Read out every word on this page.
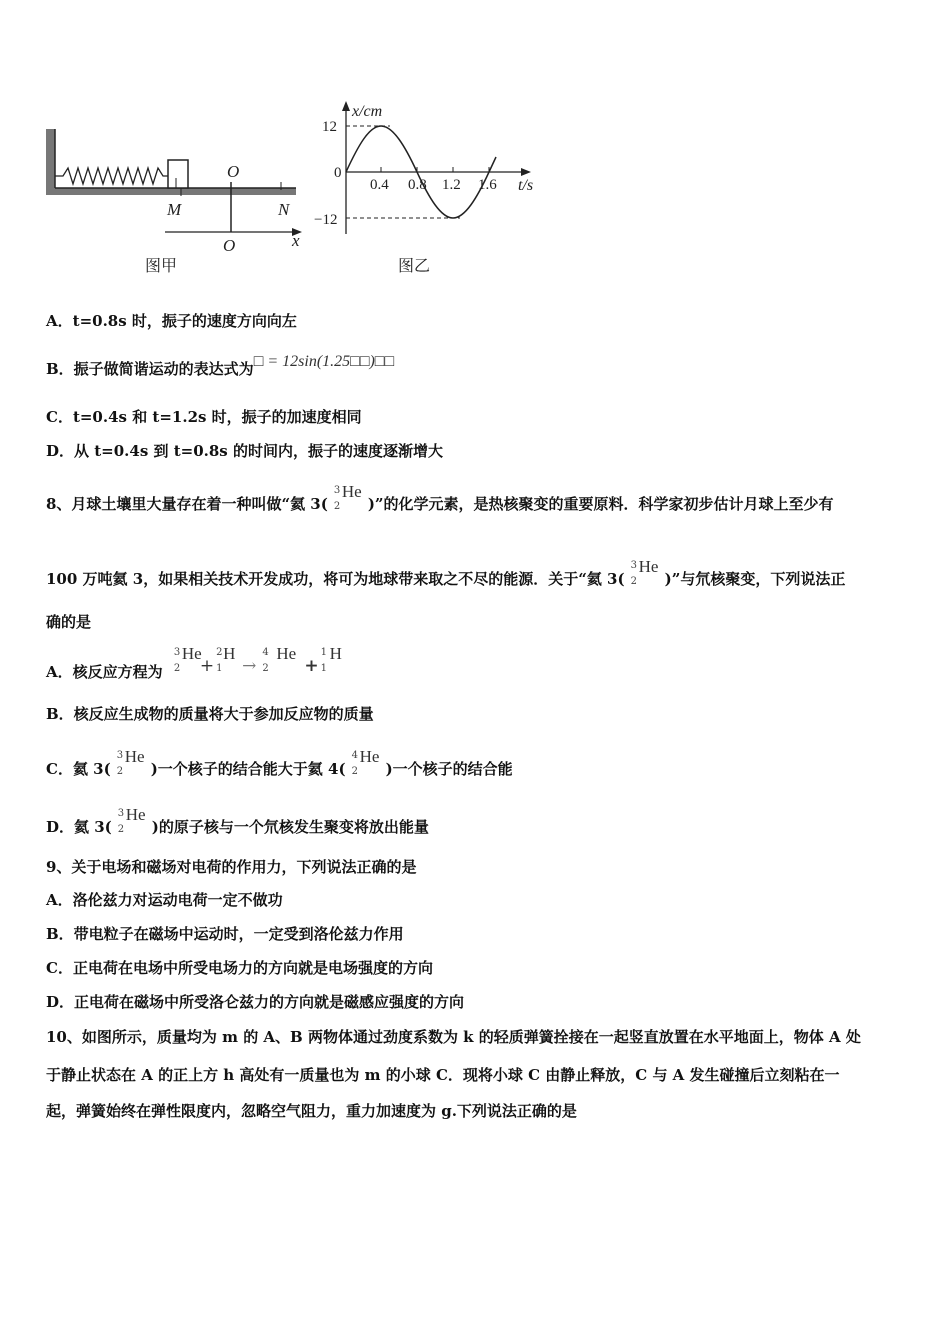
O
M	N
O	x
图甲
x/cm
t/s
12
0
−12
0.4 0.8 1.2 1.6
图乙
A．t=0.8s 时，振子的速度方向向左
B．振子做简谐运动的表达式为□ = 12sin(1.25□□)□□
C．t=0.4s 和 t=1.2s 时，振子的加速度相同
D．从 t=0.4s 到 t=0.8s 的时间内，振子的速度逐渐增大
8、月球土壤里大量存在着一种叫做“氦 3(
3
2
He
)”的化学元素，是热核聚变的重要原料．科学家初步估计月球上至少有
100 万吨氦 3，如果相关技术开发成功，将可为地球带来取之不尽的能源．关于“氦 3(
3
2
He
)”与氘核聚变，下列说法正
确的是
A．核反应方程为
3
2
He
+
2
1
H
→
4
2
He
+
1
1
H
B．核反应生成物的质量将大于参加反应物的质量
C．氦 3(
3
2
He
)一个核子的结合能大于氦 4(
4
2
He
)一个核子的结合能
D．氦 3(
3
2
He
)的原子核与一个氘核发生聚变将放出能量
9、关于电场和磁场对电荷的作用力，下列说法正确的是
A．洛伦兹力对运动电荷一定不做功
B．带电粒子在磁场中运动时，一定受到洛伦兹力作用
C．正电荷在电场中所受电场力的方向就是电场强度的方向
D．正电荷在磁场中所受洛仑兹力的方向就是磁感应强度的方向
10、如图所示，质量均为 m 的 A、B 两物体通过劲度系数为 k 的轻质弹簧拴接在一起竖直放置在水平地面上，物体 A 处
于静止状态在 A 的正上方 h 高处有一质量也为 m 的小球 C．现将小球 C 由静止释放，C 与 A 发生碰撞后立刻粘在一
起，弹簧始终在弹性限度内，忽略空气阻力，重力加速度为 g.下列说法正确的是
